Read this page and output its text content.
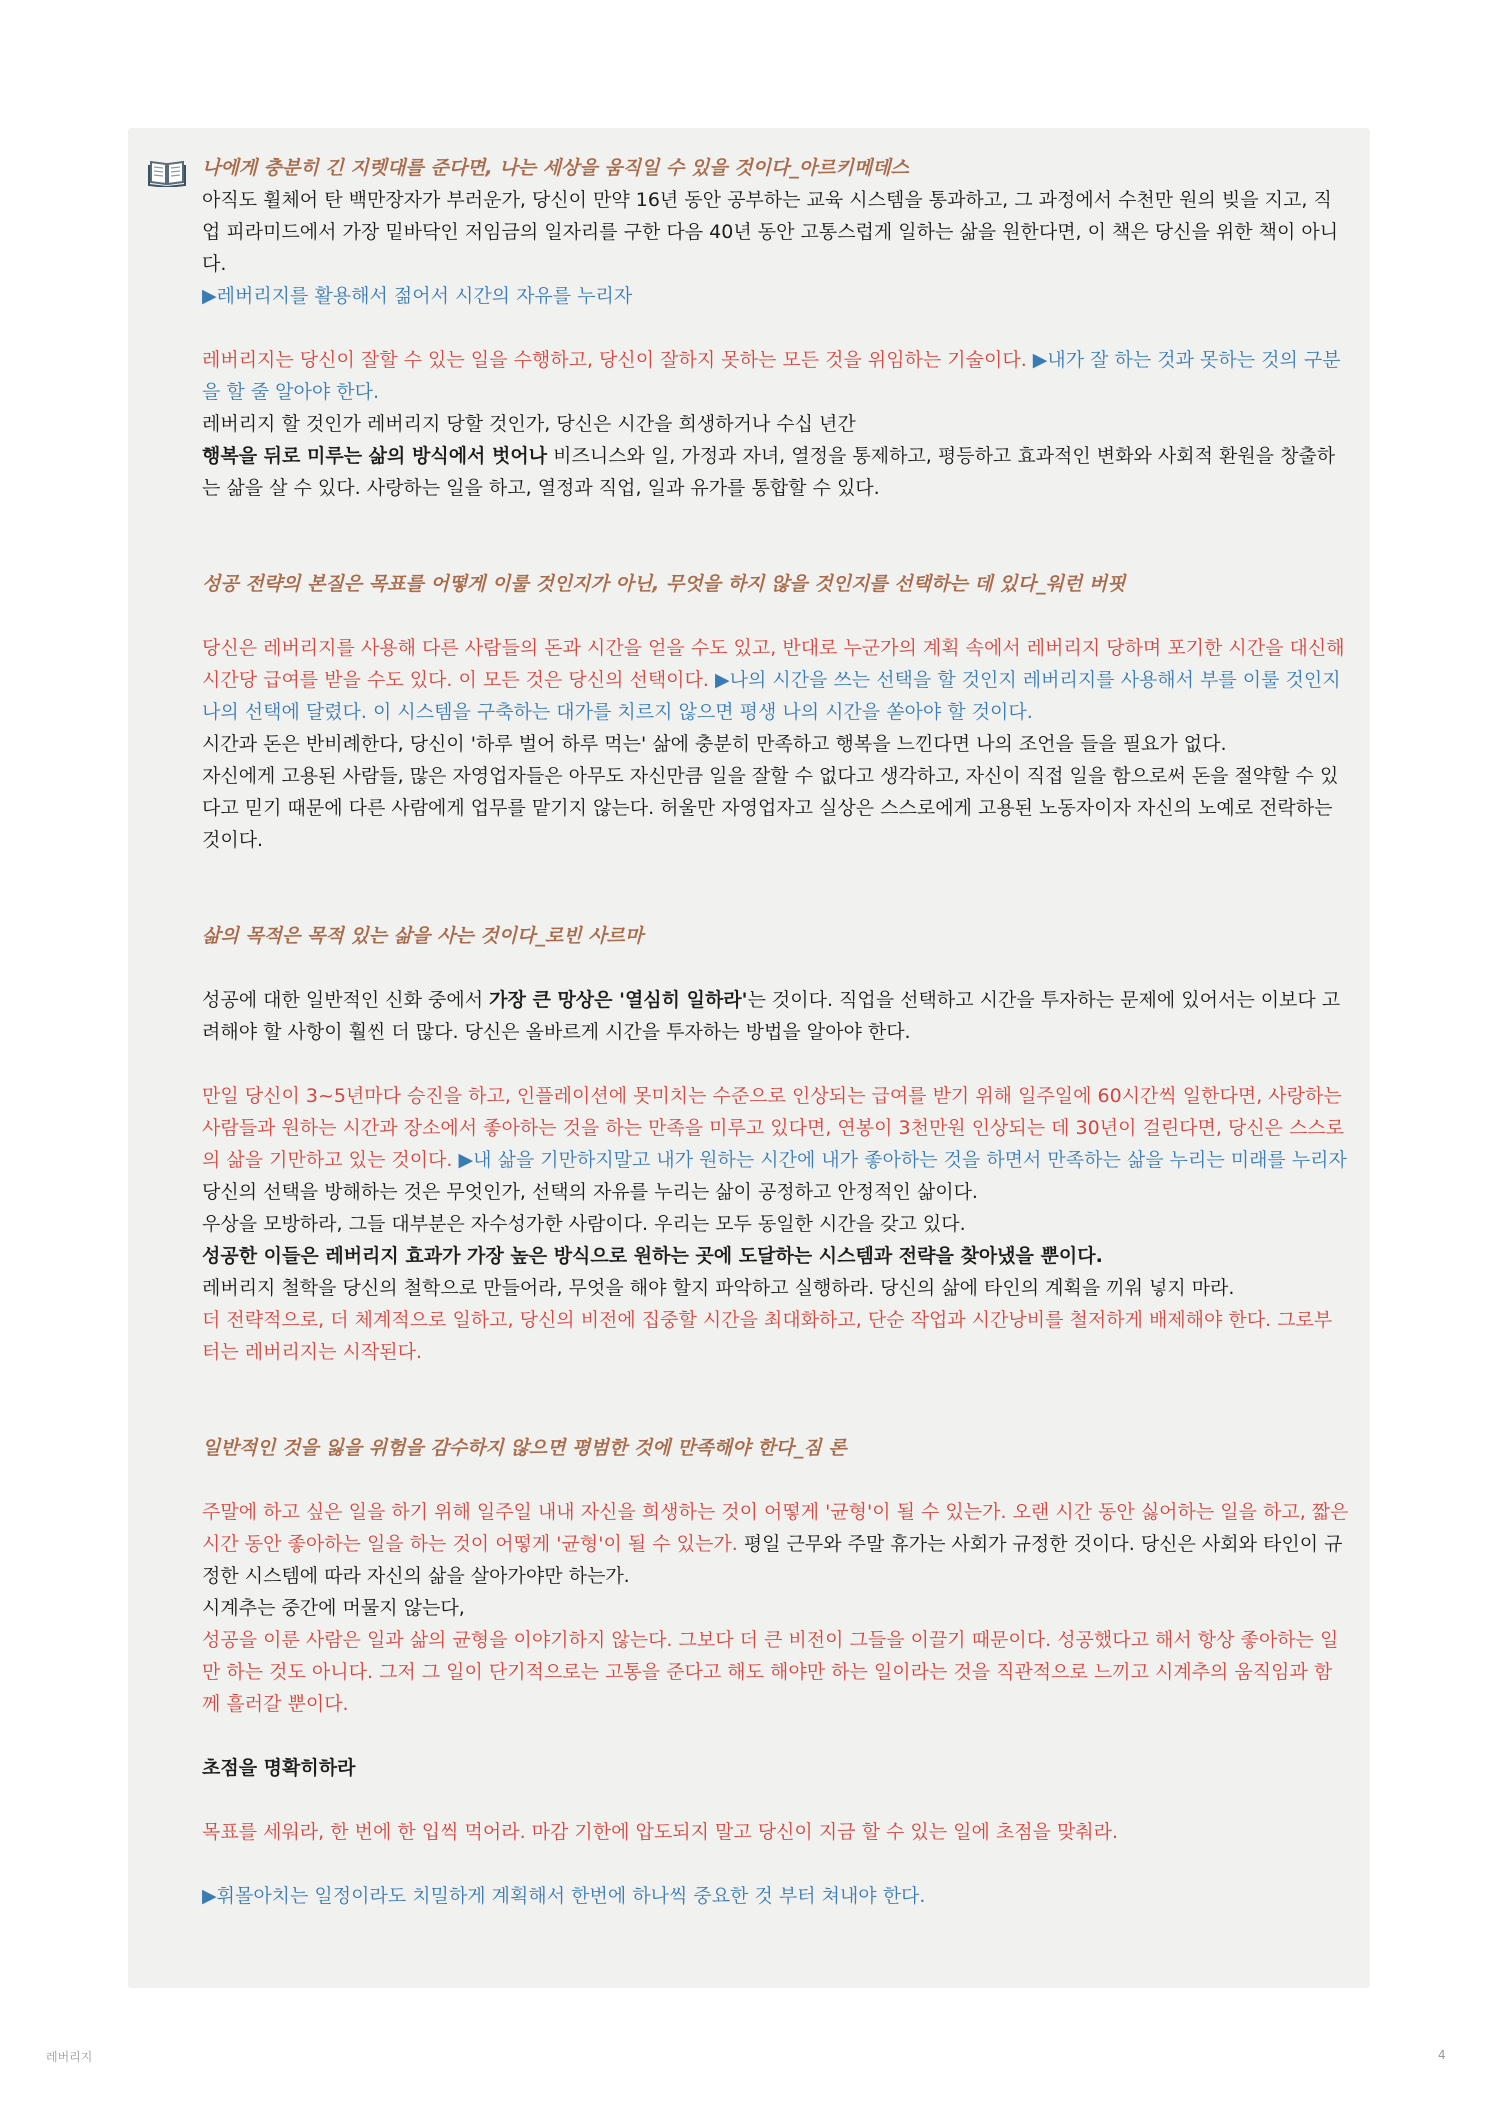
나에게 충분히 긴 지렛대를 준다면, 나는 세상을 움직일 수 있을 것이다_아르키메데스

아직도 휠체어 탄 백만장자가 부러운가, 당신이 만약 16년 동안 공부하는 교육 시스템을 통과하고, 그 과정에서 수천만 원의 빚을 지고, 직업 피라미드에서 가장 밑바닥인 저임금의 일자리를 구한 다음 40년 동안 고통스럽게 일하는 삶을 원한다면, 이 책은 당신을 위한 책이 아니다.

▶레버리지를 활용해서 젊어서 시간의 자유를 누리자

레버리지는 당신이 잘할 수 있는 일을 수행하고, 당신이 잘하지 못하는 모든 것을 위임하는 기술이다. ▶내가 잘 하는 것과 못하는 것의 구분을 할 줄 알아야 한다.

레버리지 할 것인가 레버리지 당할 것인가, 당신은 시간을 희생하거나 수십 년간

행복을 뒤로 미루는 삶의 방식에서 벗어나 비즈니스와 일, 가정과 자녀, 열정을 통제하고, 평등하고 효과적인 변화와 사회적 환원을 창출하는 삶을 살 수 있다. 사랑하는 일을 하고, 열정과 직업, 일과 유가를 통합할 수 있다.

성공 전략의 본질은 목표를 어떻게 이룰 것인지가 아닌, 무엇을 하지 않을 것인지를 선택하는 데 있다_워런 버핏

당신은 레버리지를 사용해 다른 사람들의 돈과 시간을 얻을 수도 있고, 반대로 누군가의 계획 속에서 레버리지 당하며 포기한 시간을 대신해 시간당 급여를 받을 수도 있다. 이 모든 것은 당신의 선택이다. ▶나의 시간을 쓰는 선택을 할 것인지 레버리지를 사용해서 부를 이룰 것인지 나의 선택에 달렸다. 이 시스템을 구축하는 대가를 치르지 않으면 평생 나의 시간을 쏟아야 할 것이다.

시간과 돈은 반비례한다, 당신이 '하루 벌어 하루 먹는' 삶에 충분히 만족하고 행복을 느낀다면 나의 조언을 들을 필요가 없다.

자신에게 고용된 사람들, 많은 자영업자들은 아무도 자신만큼 일을 잘할 수 없다고 생각하고, 자신이 직접 일을 함으로써 돈을 절약할 수 있다고 믿기 때문에 다른 사람에게 업무를 맡기지 않는다. 허울만 자영업자고 실상은 스스로에게 고용된 노동자이자 자신의 노예로 전락하는 것이다.

삶의 목적은 목적 있는 삶을 사는 것이다_로빈 사르마

성공에 대한 일반적인 신화 중에서 가장 큰 망상은 '열심히 일하라'는 것이다. 직업을 선택하고 시간을 투자하는 문제에 있어서는 이보다 고려해야 할 사항이 훨씬 더 많다. 당신은 올바르게 시간을 투자하는 방법을 알아야 한다.

만일 당신이 3~5년마다 승진을 하고, 인플레이션에 못미치는 수준으로 인상되는 급여를 받기 위해 일주일에 60시간씩 일한다면, 사랑하는 사람들과 원하는 시간과 장소에서 좋아하는 것을 하는 만족을 미루고 있다면, 연봉이 3천만원 인상되는 데 30년이 걸린다면, 당신은 스스로의 삶을 기만하고 있는 것이다. ▶내 삶을 기만하지말고 내가 원하는 시간에 내가 좋아하는 것을 하면서 만족하는 삶을 누리는 미래를 누리자

당신의 선택을 방해하는 것은 무엇인가, 선택의 자유를 누리는 삶이 공정하고 안정적인 삶이다.

우상을 모방하라, 그들 대부분은 자수성가한 사람이다. 우리는 모두 동일한 시간을 갖고 있다.

성공한 이들은 레버리지 효과가 가장 높은 방식으로 원하는 곳에 도달하는 시스템과 전략을 찾아냈을 뿐이다.

레버리지 철학을 당신의 철학으로 만들어라, 무엇을 해야 할지 파악하고 실행하라. 당신의 삶에 타인의 계획을 끼워 넣지 마라.

더 전략적으로, 더 체계적으로 일하고, 당신의 비전에 집중할 시간을 최대화하고, 단순 작업과 시간낭비를 철저하게 배제해야 한다. 그로부터는 레버리지는 시작된다.

일반적인 것을 잃을 위험을 감수하지 않으면 평범한 것에 만족해야 한다_짐 론

주말에 하고 싶은 일을 하기 위해 일주일 내내 자신을 희생하는 것이 어떻게 '균형'이 될 수 있는가. 오랜 시간 동안 싫어하는 일을 하고, 짧은 시간 동안 좋아하는 일을 하는 것이 어떻게 '균형'이 될 수 있는가. 평일 근무와 주말 휴가는 사회가 규정한 것이다. 당신은 사회와 타인이 규정한 시스템에 따라 자신의 삶을 살아가야만 하는가.

시계추는 중간에 머물지 않는다,

성공을 이룬 사람은 일과 삶의 균형을 이야기하지 않는다. 그보다 더 큰 비전이 그들을 이끌기 때문이다. 성공했다고 해서 항상 좋아하는 일만 하는 것도 아니다. 그저 그 일이 단기적으로는 고통을 준다고 해도 해야만 하는 일이라는 것을 직관적으로 느끼고 시계추의 움직임과 함께 흘러갈 뿐이다.

초점을 명확히하라

목표를 세워라, 한 번에 한 입씩 먹어라. 마감 기한에 압도되지 말고 당신이 지금 할 수 있는 일에 초점을 맞춰라.

▶휘몰아치는 일정이라도 치밀하게 계획해서 한번에 하나씩 중요한 것 부터 쳐내야 한다.

레버리지	4
